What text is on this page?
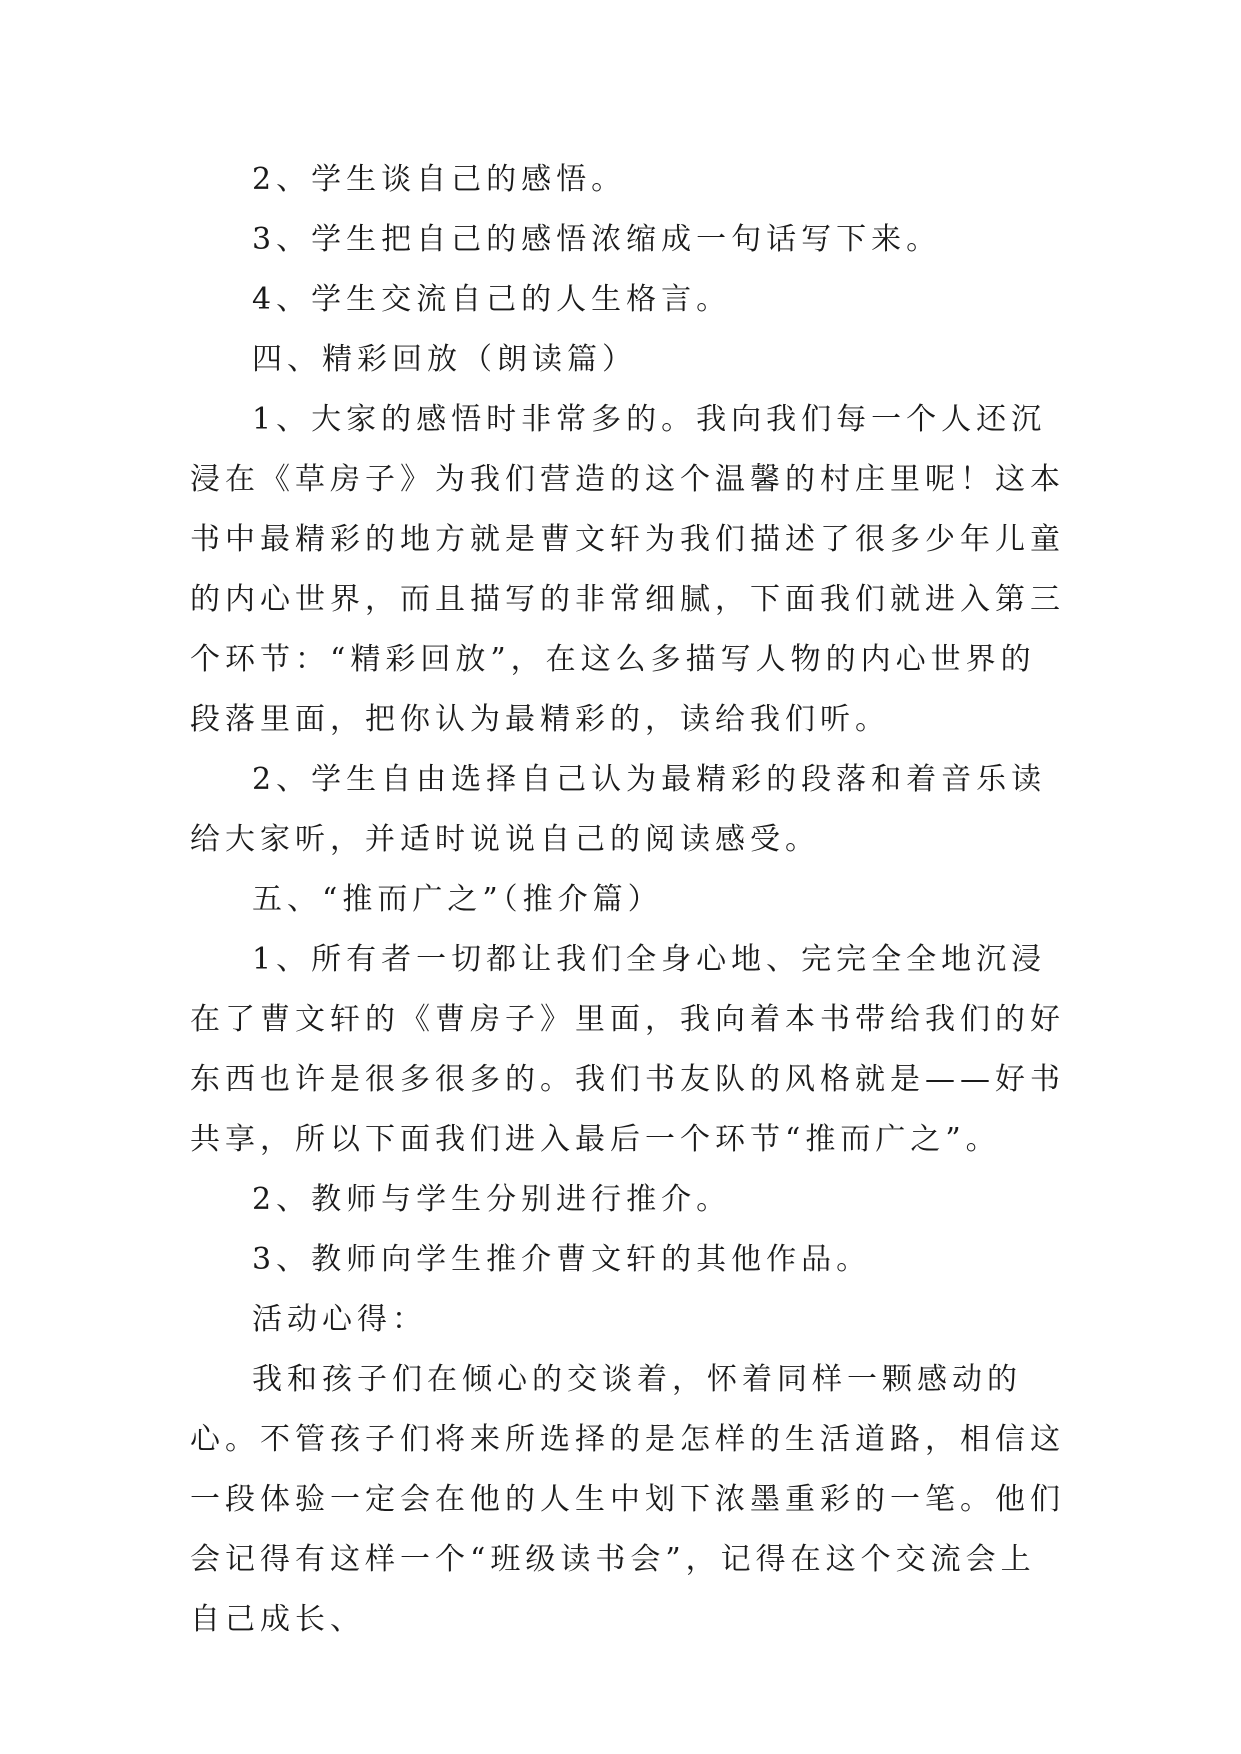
2、学生谈自己的感悟。

3、学生把自己的感悟浓缩成一句话写下来。

4、学生交流自己的人生格言。

四、精彩回放（朗读篇）

1、大家的感悟时非常多的。我向我们每一个人还沉浸在《草房子》为我们营造的这个温馨的村庄里呢！这本书中最精彩的地方就是曹文轩为我们描述了很多少年儿童的内心世界，而且描写的非常细腻，下面我们就进入第三个环节：“精彩回放”，在这么多描写人物的内心世界的段落里面，把你认为最精彩的，读给我们听。

2、学生自由选择自己认为最精彩的段落和着音乐读给大家听，并适时说说自己的阅读感受。

五、“推而广之”（推介篇）

1、所有者一切都让我们全身心地、完完全全地沉浸在了曹文轩的《曹房子》里面，我向着本书带给我们的好东西也许是很多很多的。我们书友队的风格就是——好书共享，所以下面我们进入最后一个环节“推而广之”。

2、教师与学生分别进行推介。

3、教师向学生推介曹文轩的其他作品。

活动心得：

我和孩子们在倾心的交谈着，怀着同样一颗感动的心。不管孩子们将来所选择的是怎样的生活道路，相信这一段体验一定会在他的人生中划下浓墨重彩的一笔。他们会记得有这样一个“班级读书会”，记得在这个交流会上自己成长、
